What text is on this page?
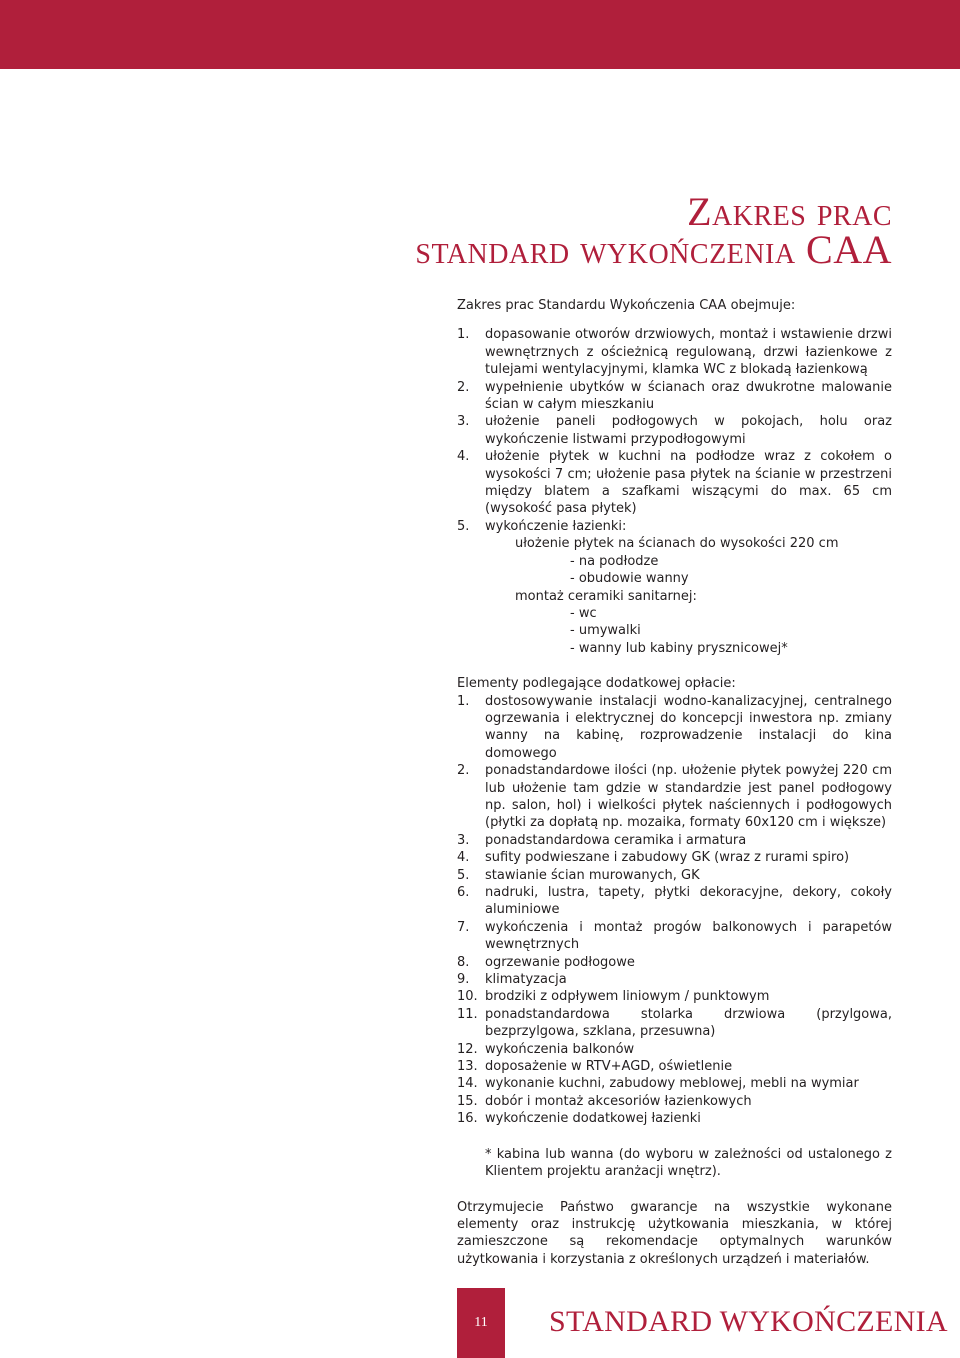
Zakres prac
standard wykończenia CAA

Zakres prac Standardu Wykończenia CAA obejmuje:

1.	dopasowanie otworów drzwiowych, montaż i wstawienie drzwi wewnętrznych z ościeżnicą regulowaną, drzwi łazienkowe z tulejami wentylacyjnymi, klamka WC z blokadą łazienkową
2.	wypełnienie ubytków w ścianach oraz dwukrotne malowanie ścian w całym mieszkaniu
3.	ułożenie paneli podłogowych w pokojach, holu oraz wykończenie listwami przypodłogowymi
4.	ułożenie płytek w kuchni na podłodze wraz z cokołem o wysokości 7 cm; ułożenie pasa płytek na ścianie w przestrzeni między blatem a szafkami wiszącymi do max. 65 cm (wysokość pasa płytek)
5.	wykończenie łazienki:

ułożenie płytek na ścianach do wysokości 220 cm

- na podłodze

- obudowie wanny

montaż ceramiki sanitarnej:

- wc

- umywalki

- wanny lub kabiny prysznicowej*

Elementy podlegające dodatkowej opłacie:

1.	dostosowywanie instalacji wodno-kanalizacyjnej, centralnego ogrzewania i elektrycznej do koncepcji inwestora np. zmiany wanny na kabinę, rozprowadzenie instalacji do kina domowego
2.	ponadstandardowe ilości (np. ułożenie płytek powyżej 220 cm lub ułożenie tam gdzie w standardzie jest panel podłogowy np. salon, hol) i wielkości płytek naściennych i podłogowych (płytki za dopłatą np. mozaika, formaty 60x120 cm i większe)
3.	ponadstandardowa ceramika i armatura
4.	sufity podwieszane i zabudowy GK (wraz z rurami spiro)
5.	stawianie ścian murowanych, GK
6.	nadruki, lustra, tapety, płytki dekoracyjne, dekory, cokoły aluminiowe
7.	wykończenia i montaż progów balkonowych i parapetów wewnętrznych
8.	ogrzewanie podłogowe
9.	klimatyzacja
10. brodziki z odpływem liniowym / punktowym
11. ponadstandardowa stolarka drzwiowa (przylgowa, bezprzylgowa, szklana, przesuwna)
12. wykończenia balkonów
13. doposażenie w RTV+AGD, oświetlenie
14. wykonanie kuchni, zabudowy meblowej, mebli na wymiar
15. dobór i montaż akcesoriów łazienkowych
16. wykończenie dodatkowej łazienki

* kabina lub wanna (do wyboru w zależności od ustalonego z Klientem projektu aranżacji wnętrz).

Otrzymujecie Państwo gwarancje na wszystkie wykonane elementy oraz instrukcję użytkowania mieszkania, w której zamieszczone są rekomendacje optymalnych warunków użytkowania i korzystania z określonych urządzeń i materiałów.

11 STANDARD WYKOŃCZENIA
